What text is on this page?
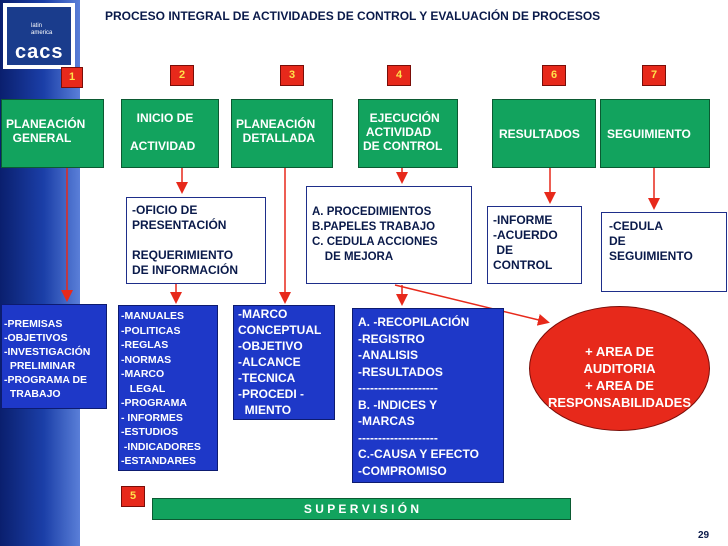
latin
america
cacs
PROCESO INTEGRAL DE ACTIVIDADES DE CONTROL Y EVALUACIÓN DE PROCESOS
1	2	3	4	6	7
5
PLANEACIÓN
GENERAL
INICIO DE

ACTIVIDAD
PLANEACIÓN
DETALLADA
EJECUCIÓN
ACTIVIDAD
DE CONTROL
RESULTADOS	SEGUIMIENTO
-OFICIO DE
PRESENTACIÓN

REQUERIMIENTO
DE INFORMACIÓN
A. PROCEDIMIENTOS
B.PAPELES TRABAJO
C. CEDULA ACCIONES
DE MEJORA
-INFORME
-ACUERDO
DE
CONTROL
-CEDULA
DE
SEGUIMIENTO
-PREMISAS
-OBJETIVOS
-INVESTIGACIÓN
PRELIMINAR
-PROGRAMA DE
TRABAJO
-MANUALES
-POLITICAS
-REGLAS
-NORMAS
-MARCO
LEGAL
-PROGRAMA
- INFORMES
-ESTUDIOS
-INDICADORES
-ESTANDARES
-MARCO
CONCEPTUAL
-OBJETIVO
-ALCANCE
-TECNICA
-PROCEDI -
MIENTO
A. -RECOPILACIÓN
-REGISTRO
-ANALISIS
-RESULTADOS
--------------------
B. -INDICES Y
-MARCAS
--------------------
C.-CAUSA Y EFECTO
-COMPROMISO
+ AREA DE
AUDITORIA
+ AREA DE
RESPONSABILIDADES
S U P E R V I S I Ó N
29
